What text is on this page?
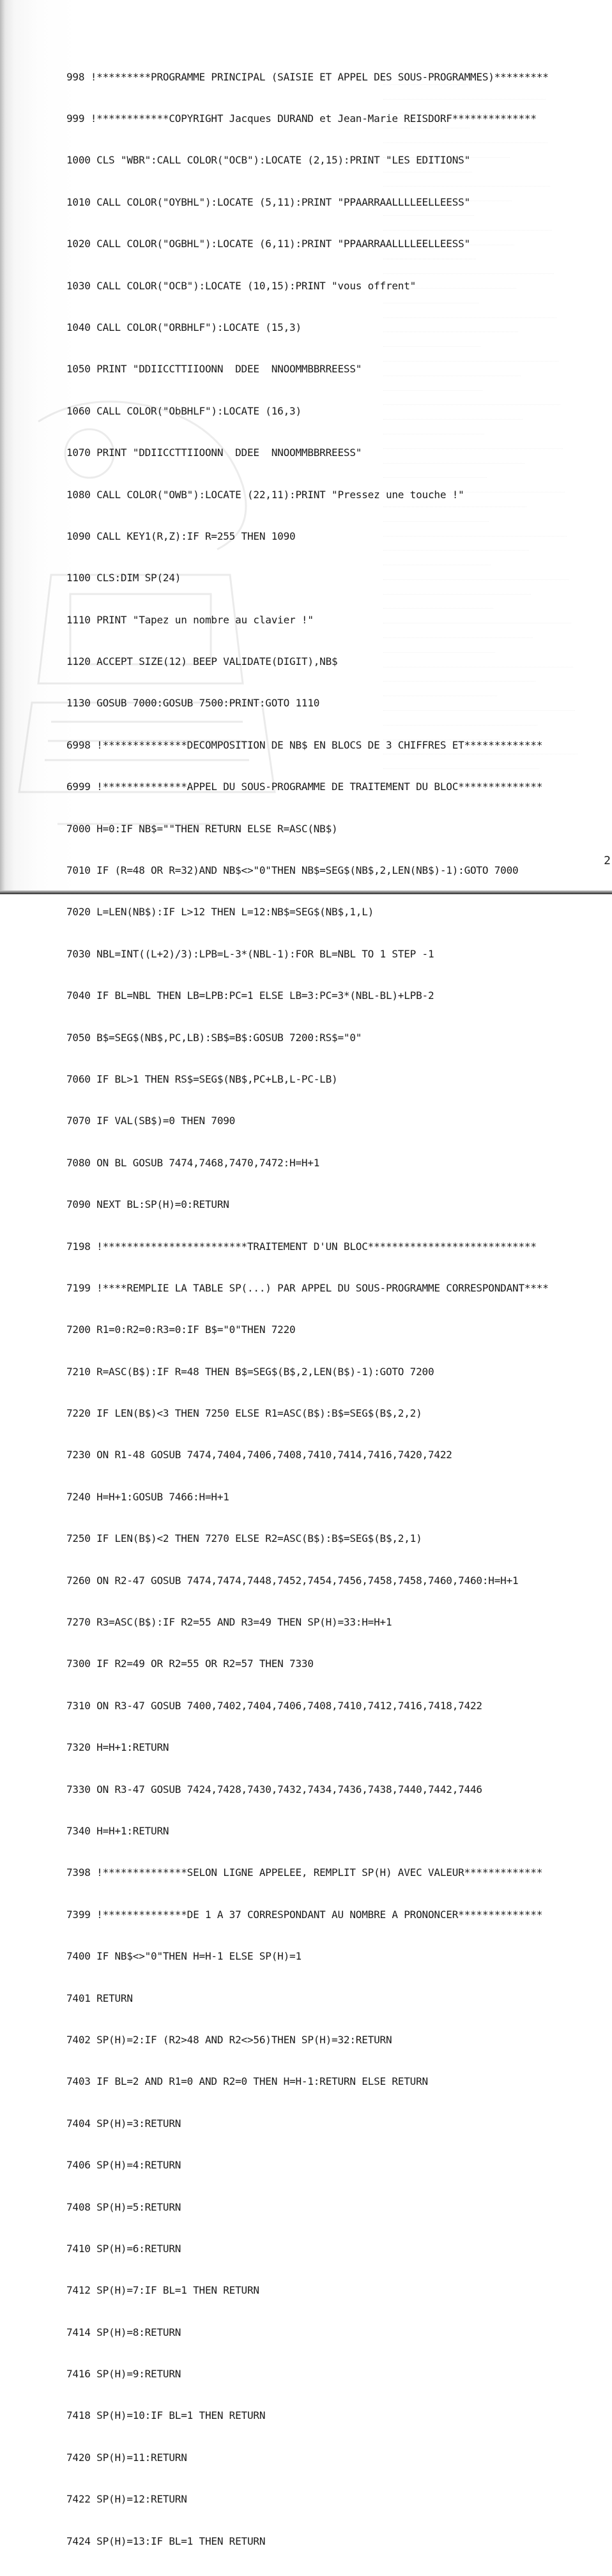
998 !*********PROGRAMME PRINCIPAL (SAISIE ET APPEL DES SOUS-PROGRAMMES)*********

999 !************COPYRIGHT Jacques DURAND et Jean-Marie REISDORF**************

1000 CLS "WBR":CALL COLOR("OCB"):LOCATE (2,15):PRINT "LES EDITIONS"

1010 CALL COLOR("OYBHL"):LOCATE (5,11):PRINT "PPAARRAALLLLEELLEESS"

1020 CALL COLOR("OGBHL"):LOCATE (6,11):PRINT "PPAARRAALLLLEELLEESS"

1030 CALL COLOR("OCB"):LOCATE (10,15):PRINT "vous offrent"

1040 CALL COLOR("ORBHLF"):LOCATE (15,3)

1050 PRINT "DDIICCTTIIOONN  DDEE  NNOOMMBBRREESS"

1060 CALL COLOR("ObBHLF"):LOCATE (16,3)

1070 PRINT "DDIICCTTIIOONN  DDEE  NNOOMMBBRREESS"

1080 CALL COLOR("OWB"):LOCATE (22,11):PRINT "Pressez une touche !"

1090 CALL KEY1(R,Z):IF R=255 THEN 1090

1100 CLS:DIM SP(24)

1110 PRINT "Tapez un nombre au clavier !"

1120 ACCEPT SIZE(12) BEEP VALIDATE(DIGIT),NB$

1130 GOSUB 7000:GOSUB 7500:PRINT:GOTO 1110

6998 !**************DECOMPOSITION DE NB$ EN BLOCS DE 3 CHIFFRES ET*************

6999 !**************APPEL DU SOUS-PROGRAMME DE TRAITEMENT DU BLOC**************

7000 H=0:IF NB$=""THEN RETURN ELSE R=ASC(NB$)

7010 IF (R=48 OR R=32)AND NB$<>"0"THEN NB$=SEG$(NB$,2,LEN(NB$)-1):GOTO 7000

7020 L=LEN(NB$):IF L>12 THEN L=12:NB$=SEG$(NB$,1,L)

7030 NBL=INT((L+2)/3):LPB=L-3*(NBL-1):FOR BL=NBL TO 1 STEP -1

7040 IF BL=NBL THEN LB=LPB:PC=1 ELSE LB=3:PC=3*(NBL-BL)+LPB-2

7050 B$=SEG$(NB$,PC,LB):SB$=B$:GOSUB 7200:RS$="0"

7060 IF BL>1 THEN RS$=SEG$(NB$,PC+LB,L-PC-LB)

7070 IF VAL(SB$)=0 THEN 7090

7080 ON BL GOSUB 7474,7468,7470,7472:H=H+1

7090 NEXT BL:SP(H)=0:RETURN

7198 !************************TRAITEMENT D'UN BLOC****************************

7199 !****REMPLIE LA TABLE SP(...) PAR APPEL DU SOUS-PROGRAMME CORRESPONDANT****

7200 R1=0:R2=0:R3=0:IF B$="0"THEN 7220

7210 R=ASC(B$):IF R=48 THEN B$=SEG$(B$,2,LEN(B$)-1):GOTO 7200

7220 IF LEN(B$)<3 THEN 7250 ELSE R1=ASC(B$):B$=SEG$(B$,2,2)

7230 ON R1-48 GOSUB 7474,7404,7406,7408,7410,7414,7416,7420,7422

7240 H=H+1:GOSUB 7466:H=H+1

7250 IF LEN(B$)<2 THEN 7270 ELSE R2=ASC(B$):B$=SEG$(B$,2,1)

7260 ON R2-47 GOSUB 7474,7474,7448,7452,7454,7456,7458,7458,7460,7460:H=H+1

7270 R3=ASC(B$):IF R2=55 AND R3=49 THEN SP(H)=33:H=H+1

7300 IF R2=49 OR R2=55 OR R2=57 THEN 7330

7310 ON R3-47 GOSUB 7400,7402,7404,7406,7408,7410,7412,7416,7418,7422

7320 H=H+1:RETURN

7330 ON R3-47 GOSUB 7424,7428,7430,7432,7434,7436,7438,7440,7442,7446

7340 H=H+1:RETURN

7398 !**************SELON LIGNE APPELEE, REMPLIT SP(H) AVEC VALEUR*************

7399 !**************DE 1 A 37 CORRESPONDANT AU NOMBRE A PRONONCER**************

7400 IF NB$<>"0"THEN H=H-1 ELSE SP(H)=1

7401 RETURN

7402 SP(H)=2:IF (R2>48 AND R2<>56)THEN SP(H)=32:RETURN

7403 IF BL=2 AND R1=0 AND R2=0 THEN H=H-1:RETURN ELSE RETURN

7404 SP(H)=3:RETURN

7406 SP(H)=4:RETURN

7408 SP(H)=5:RETURN

7410 SP(H)=6:RETURN

7412 SP(H)=7:IF BL=1 THEN RETURN

7414 SP(H)=8:RETURN

7416 SP(H)=9:RETURN

7418 SP(H)=10:IF BL=1 THEN RETURN

7420 SP(H)=11:RETURN

7422 SP(H)=12:RETURN

7424 SP(H)=13:IF BL=1 THEN RETURN

2
